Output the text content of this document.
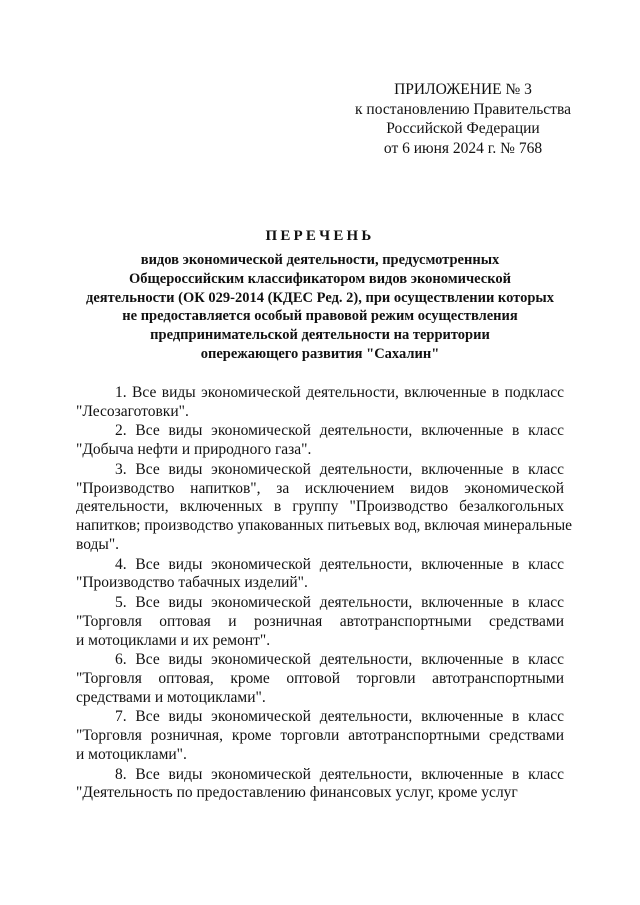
ПРИЛОЖЕНИЕ № 3
к постановлению Правительства
Российской Федерации
от 6 июня 2024 г. № 768
ПЕРЕЧЕНЬ
видов экономической деятельности, предусмотренных
Общероссийским классификатором видов экономической
деятельности (ОК 029-2014 (КДЕС Ред. 2), при осуществлении которых
не предоставляется особый правовой режим осуществления
предпринимательской деятельности на территории
опережающего развития "Сахалин"
1. Все виды экономической деятельности, включенные в подкласс
"Лесозаготовки".
2. Все виды экономической деятельности, включенные в класс
"Добыча нефти и природного газа".
3. Все виды экономической деятельности, включенные в класс
"Производство напитков", за исключением видов экономической
деятельности, включенных в группу "Производство безалкогольных
напитков; производство упакованных питьевых вод, включая минеральные
воды".
4. Все виды экономической деятельности, включенные в класс
"Производство табачных изделий".
5. Все виды экономической деятельности, включенные в класс
"Торговля оптовая и розничная автотранспортными средствами
и мотоциклами и их ремонт".
6. Все виды экономической деятельности, включенные в класс
"Торговля оптовая, кроме оптовой торговли автотранспортными
средствами и мотоциклами".
7. Все виды экономической деятельности, включенные в класс
"Торговля розничная, кроме торговли автотранспортными средствами
и мотоциклами".
8. Все виды экономической деятельности, включенные в класс
"Деятельность по предоставлению финансовых услуг, кроме услуг
